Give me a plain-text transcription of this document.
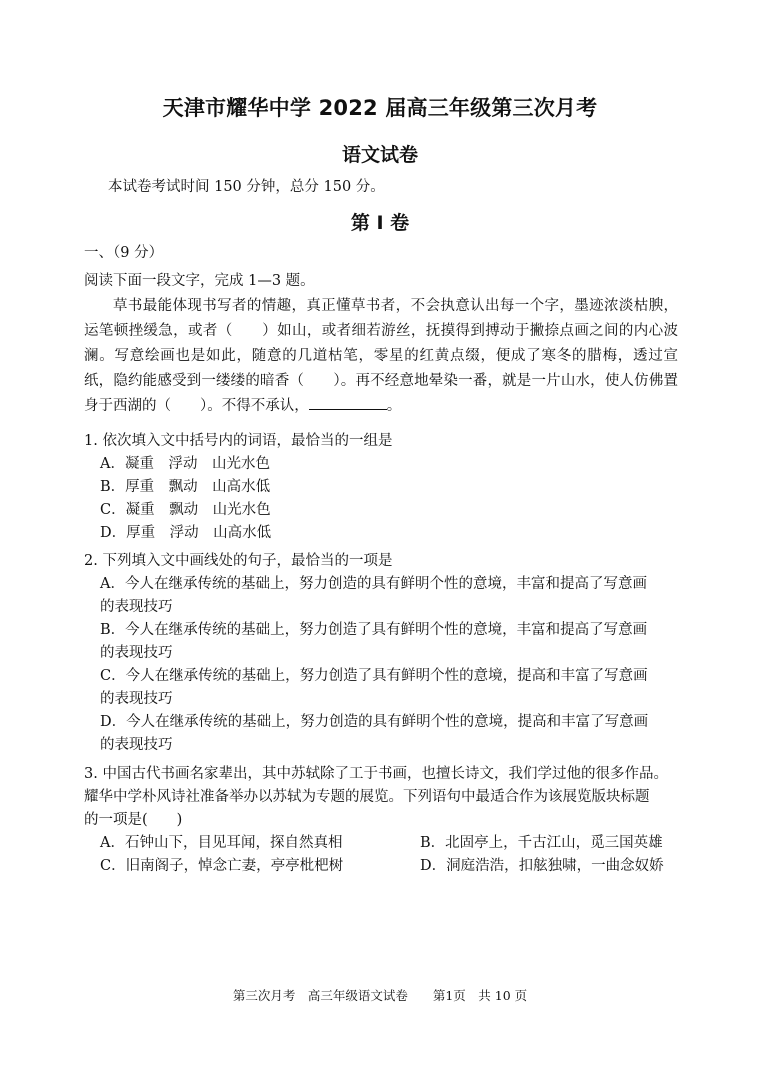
天津市耀华中学 2022 届高三年级第三次月考
语文试卷
本试卷考试时间 150 分钟，总分 150 分。
第 Ⅰ 卷
一、（9 分）
阅读下面一段文字，完成 1—3 题。
草书最能体现书写者的情趣，真正懂草书者，不会执意认出每一个字，墨迹浓淡枯腴，运笔顿挫缓急，或者（　　）如山，或者细若游丝，抚摸得到搏动于撇捺点画之间的内心波澜。写意绘画也是如此，随意的几道枯笔，零星的红黄点缀，便成了寒冬的腊梅，透过宣纸，隐约能感受到一缕缕的暗香（　　）。再不经意地晕染一番，就是一片山水，使人仿佛置身于西湖的（　　）。不得不承认，	。
1. 依次填入文中括号内的词语，最恰当的一组是
A．凝重　浮动　山光水色
B．厚重　飘动　山高水低
C．凝重　飘动　山光水色
D．厚重　浮动　山高水低
2. 下列填入文中画线处的句子，最恰当的一项是
A．今人在继承传统的基础上，努力创造的具有鲜明个性的意境，丰富和提高了写意画
的表现技巧
B．今人在继承传统的基础上，努力创造了具有鲜明个性的意境，丰富和提高了写意画
的表现技巧
C．今人在继承传统的基础上，努力创造了具有鲜明个性的意境，提高和丰富了写意画
的表现技巧
D．今人在继承传统的基础上，努力创造的具有鲜明个性的意境，提高和丰富了写意画
的表现技巧
3. 中国古代书画名家辈出，其中苏轼除了工于书画，也擅长诗文，我们学过他的很多作品。
耀华中学朴风诗社准备举办以苏轼为专题的展览。下列语句中最适合作为该展览版块标题
的一项是(　　)
A．石钟山下，目见耳闻，探自然真相	B．北固亭上，千古江山，觅三国英雄
C．旧南阁子，悼念亡妻，亭亭枇杷树	D．洞庭浩浩，扣舷独啸，一曲念奴娇
第三次月考　高三年级语文试卷　　第1页　共 10 页
